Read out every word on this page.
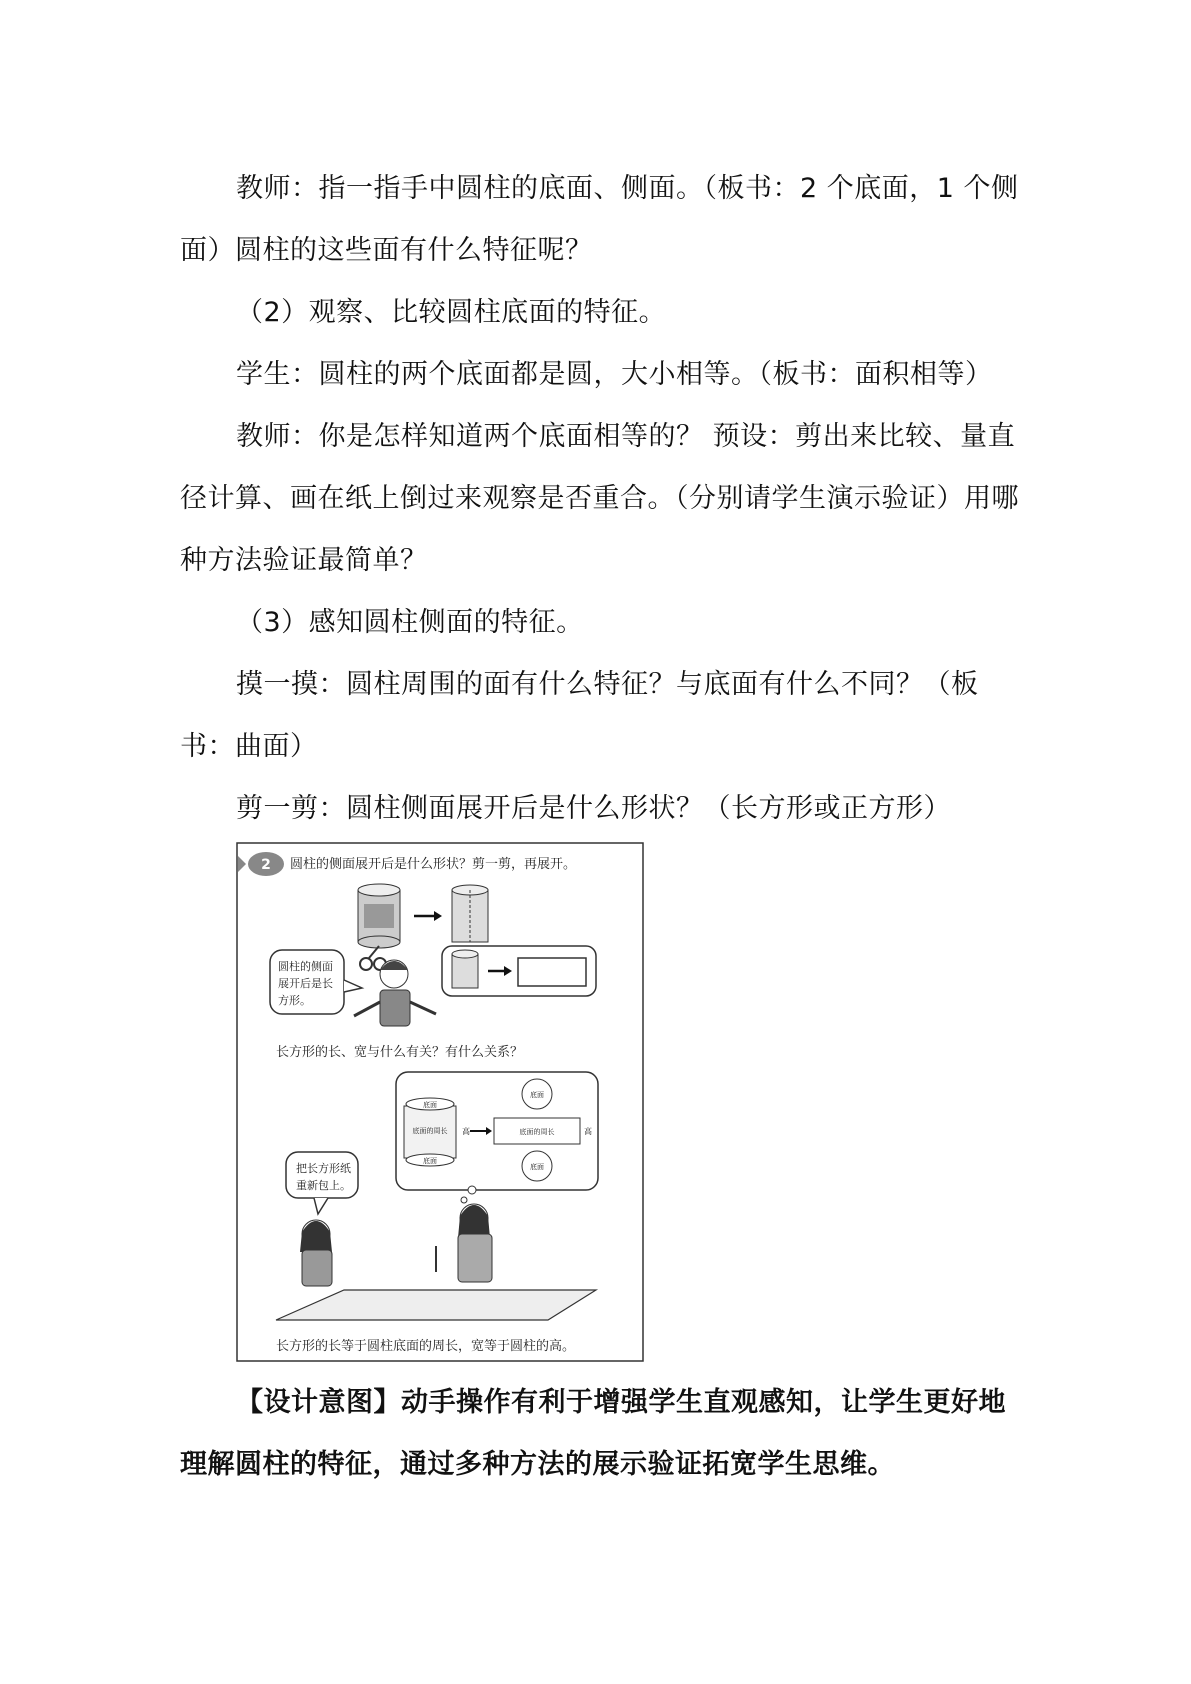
教师：指一指手中圆柱的底面、侧面。（板书：2 个底面，1 个侧面）圆柱的这些面有什么特征呢？

（2）观察、比较圆柱底面的特征。

学生：圆柱的两个底面都是圆，大小相等。（板书：面积相等）

教师：你是怎样知道两个底面相等的？ 预设：剪出来比较、量直径计算、画在纸上倒过来观察是否重合。（分别请学生演示验证）用哪种方法验证最简单？

（3）感知圆柱侧面的特征。

摸一摸：圆柱周围的面有什么特征？与底面有什么不同？（板书：曲面）

剪一剪：圆柱侧面展开后是什么形状？（长方形或正方形）

2 圆柱的侧面展开后是什么形状？剪一剪，再展开。
圆柱的侧面
展开后是长
方形。
长方形的长、宽与什么有关？有什么关系？
底面
底面的周长
底面
高	底面的周长	高
底面
底面
把长方形纸
重新包上。
长方形的长等于圆柱底面的周长，宽等于圆柱的高。

【设计意图】动手操作有利于增强学生直观感知，让学生更好地理解圆柱的特征，通过多种方法的展示验证拓宽学生思维。
